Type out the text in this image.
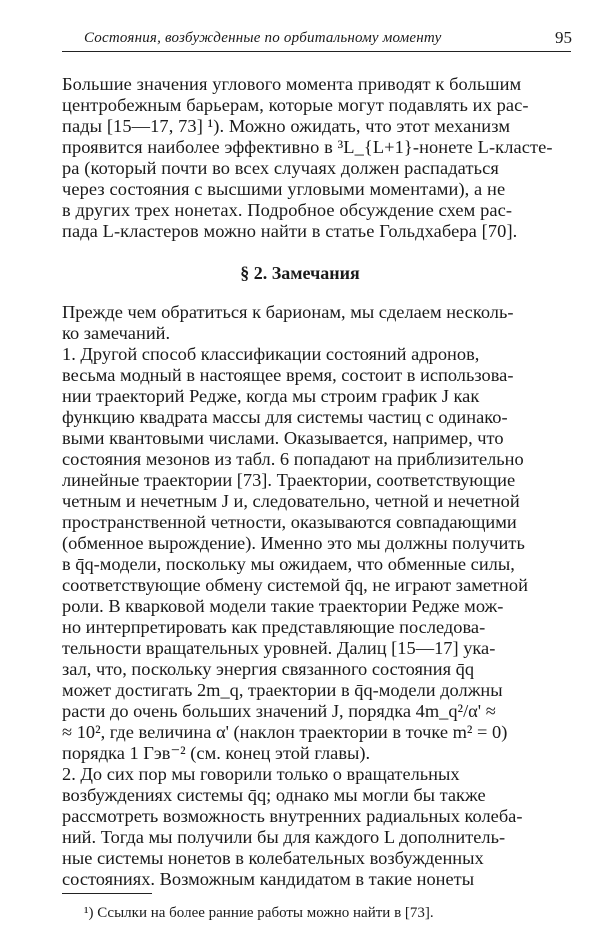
Состояния, возбужденные по орбитальному моменту	95
Большие значения углового момента приводят к большим
центробежным барьерам, которые могут подавлять их рас-
пады [15—17, 73] ¹). Можно ожидать, что этот механизм
проявится наиболее эффективно в ³L_{L+1}-нонете L-класте-
ра (который почти во всех случаях должен распадаться
через состояния с высшими угловыми моментами), а не
в других трех нонетах. Подробное обсуждение схем рас-
пада L-кластеров можно найти в статье Гольдхабера [70].
§ 2. Замечания
Прежде чем обратиться к барионам, мы сделаем несколь-
ко замечаний.
1. Другой способ классификации состояний адронов,
весьма модный в настоящее время, состоит в использова-
нии траекторий Редже, когда мы строим график J как
функцию квадрата массы для системы частиц с одинако-
выми квантовыми числами. Оказывается, например, что
состояния мезонов из табл. 6 попадают на приблизительно
линейные траектории [73]. Траектории, соответствующие
четным и нечетным J и, следовательно, четной и нечетной
пространственной четности, оказываются совпадающими
(обменное вырождение). Именно это мы должны получить
в q̄q-модели, поскольку мы ожидаем, что обменные силы,
соответствующие обмену системой q̄q, не играют заметной
роли. В кварковой модели такие траектории Редже мож-
но интерпретировать как представляющие последова-
тельности вращательных уровней. Далиц [15—17] ука-
зал, что, поскольку энергия связанного состояния q̄q
может достигать 2m_q, траектории в q̄q-модели должны
расти до очень больших значений J, порядка 4m_q²/α' ≈
≈ 10², где величина α' (наклон траектории в точке m² = 0)
порядка 1 Гэв⁻² (см. конец этой главы).
2. До сих пор мы говорили только о вращательных
возбуждениях системы q̄q; однако мы могли бы также
рассмотреть возможность внутренних радиальных колеба-
ний. Тогда мы получили бы для каждого L дополнитель-
ные системы нонетов в колебательных возбужденных
состояниях. Возможным кандидатом в такие нонеты
¹) Ссылки на более ранние работы можно найти в [73].
